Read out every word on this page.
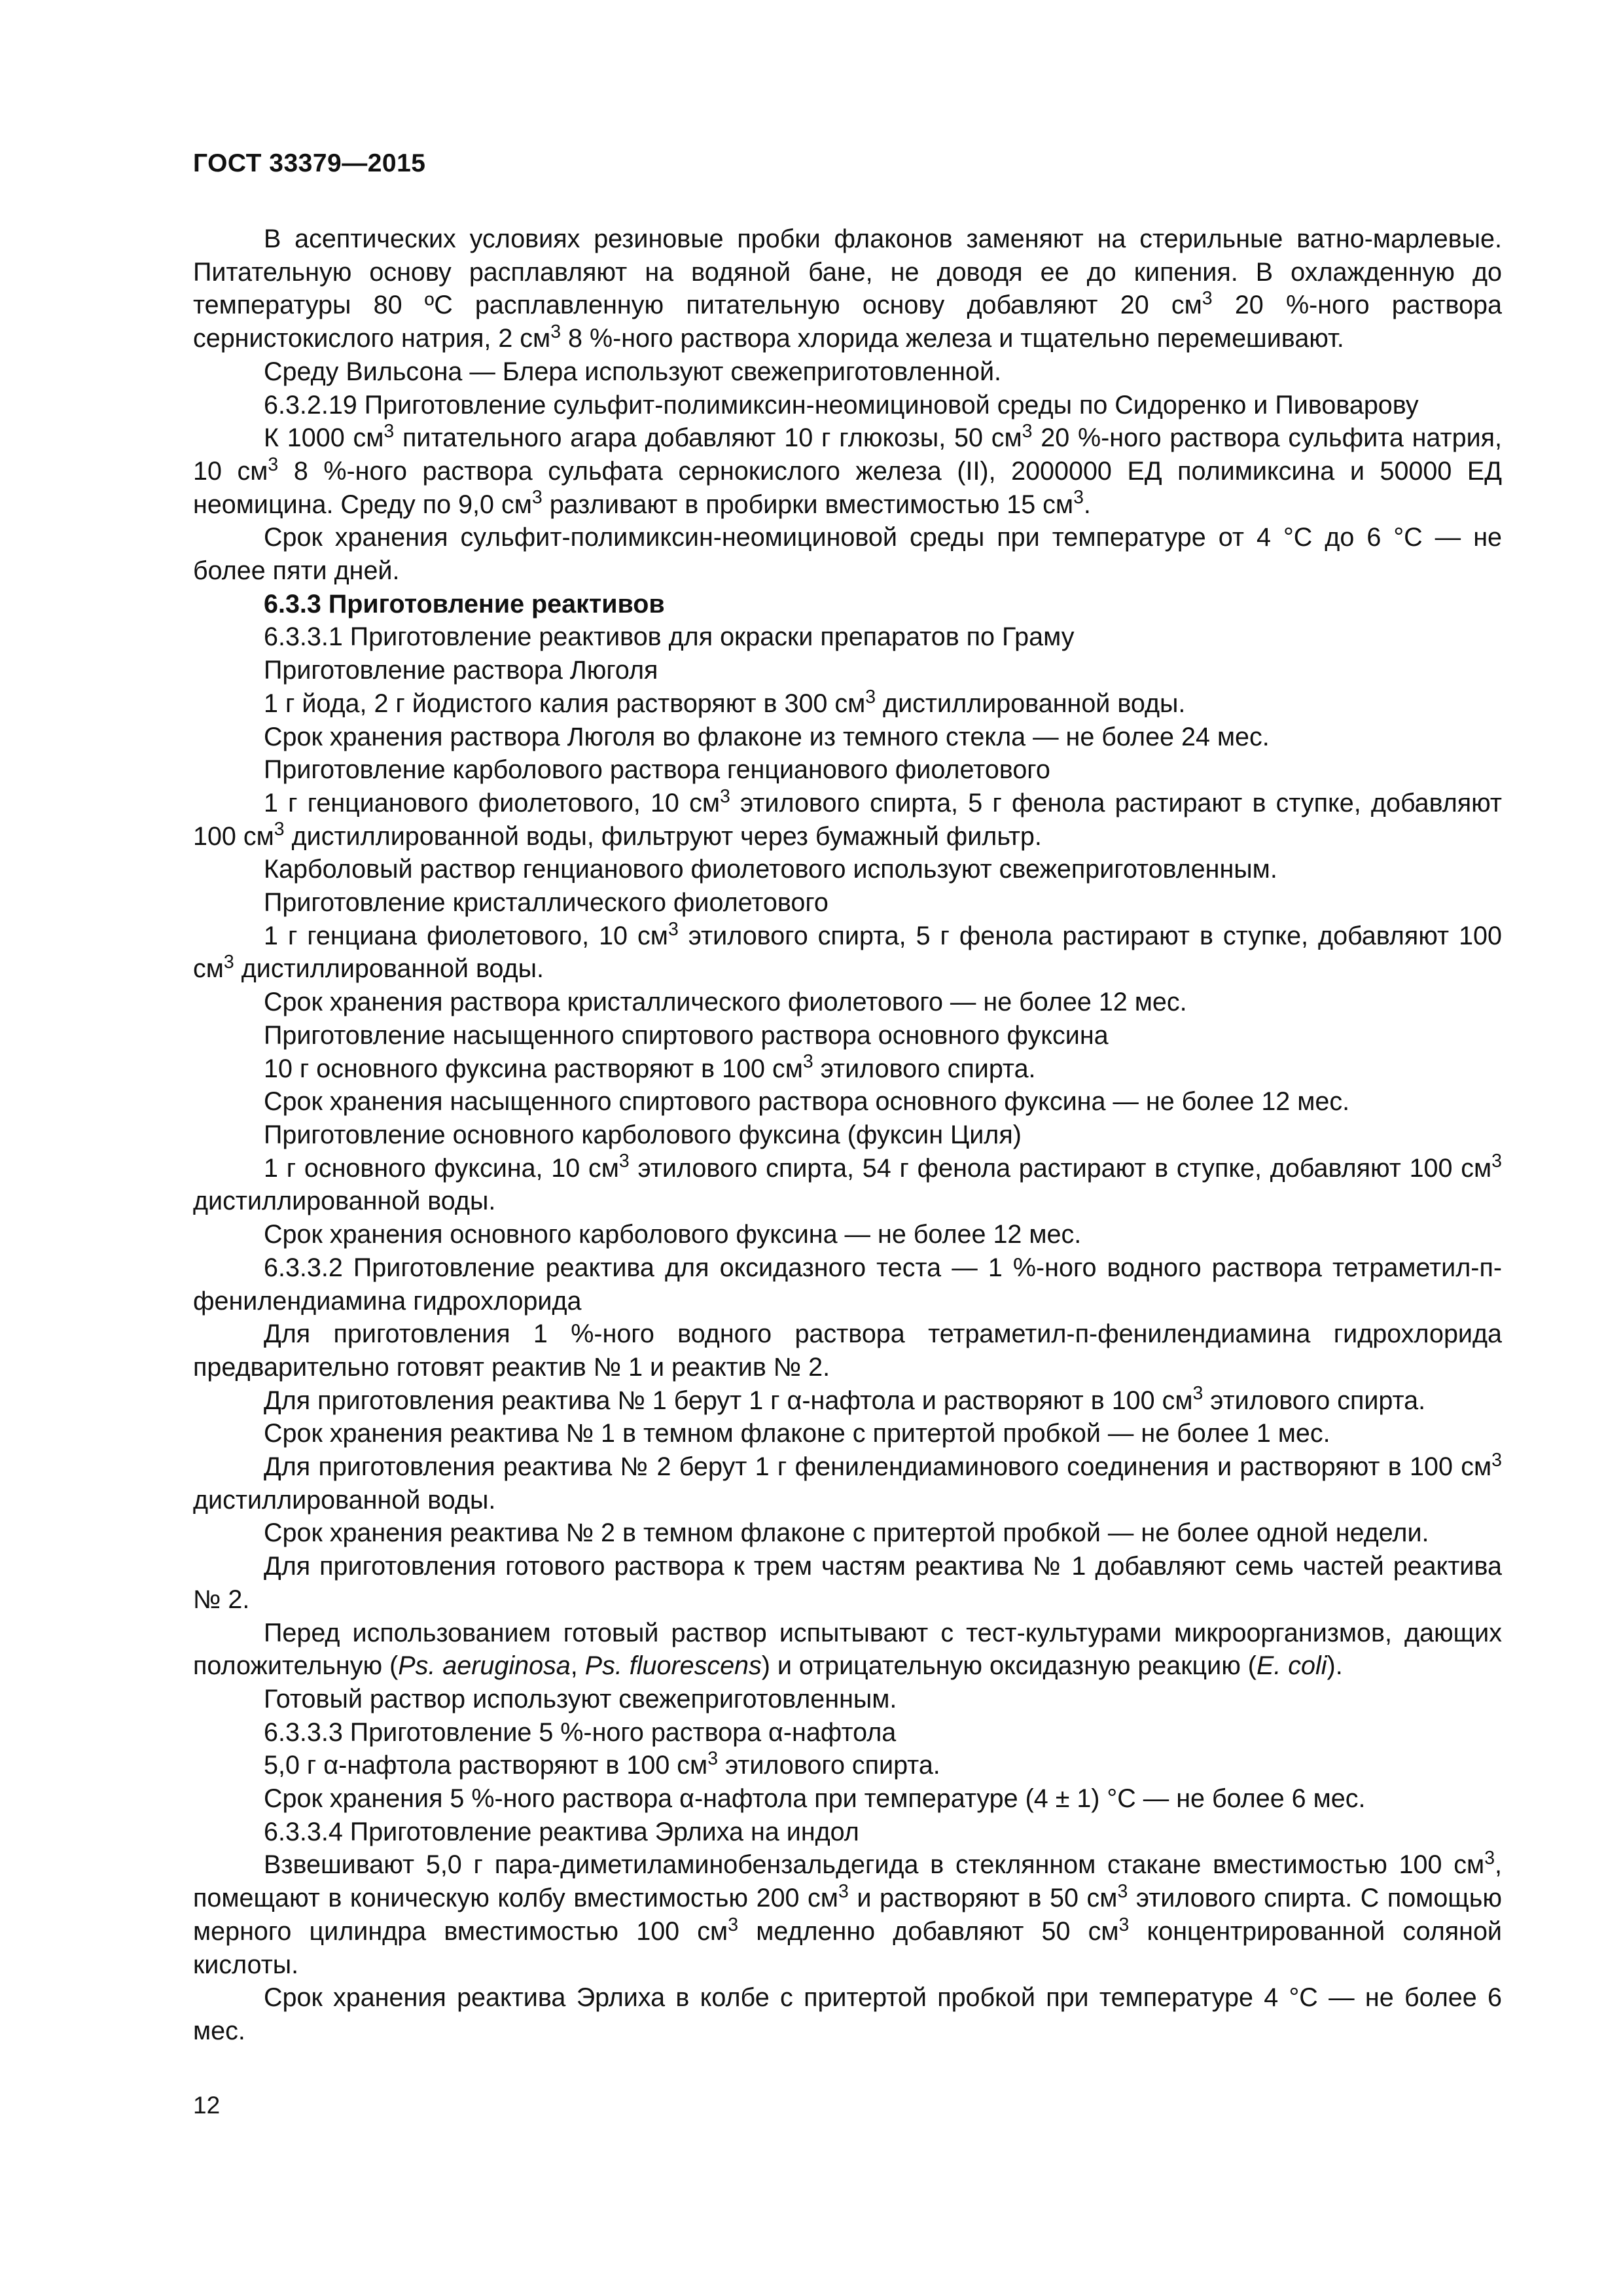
ГОСТ 33379—2015

В асептических условиях резиновые пробки флаконов заменяют на стерильные ватно-марлевые. Питательную основу расплавляют на водяной бане, не доводя ее до кипения. В охлажденную до температуры 80 ºС расплавленную питательную основу добавляют 20 $см^3$ 20 %-ного раствора сернистокислого натрия, 2 $см^3$ 8 %-ного раствора хлорида железа и тщательно перемешивают.

Среду Вильсона — Блера используют свежеприготовленной.

6.3.2.19 Приготовление сульфит-полимиксин-неомициновой среды по Сидоренко и Пивоварову

К 1000 $см^3$ питательного агара добавляют 10 г глюкозы, 50 $см^3$ 20 %-ного раствора сульфита натрия, 10 $см^3$ 8 %-ного раствора сульфата сернокислого железа (II), 2000000 ЕД полимиксина и 50000 ЕД неомицина. Среду по 9,0 $см^3$ разливают в пробирки вместимостью 15 $см^3$.

Срок хранения сульфит-полимиксин-неомициновой среды при температуре от 4 °С до 6 °С — не более пяти дней.

6.3.3 Приготовление реактивов

6.3.3.1 Приготовление реактивов для окраски препаратов по Граму

Приготовление раствора Люголя

1 г йода, 2 г йодистого калия растворяют в 300 $см^3$ дистиллированной воды.

Срок хранения раствора Люголя во флаконе из темного стекла — не более 24 мес.

Приготовление карболового раствора генцианового фиолетового

1 г генцианового фиолетового, 10 $см^3$ этилового спирта, 5 г фенола растирают в ступке, добавляют 100 $см^3$ дистиллированной воды, фильтруют через бумажный фильтр.

Карболовый раствор генцианового фиолетового используют свежеприготовленным.

Приготовление кристаллического фиолетового

1 г генциана фиолетового, 10 $см^3$ этилового спирта, 5 г фенола растирают в ступке, добавляют 100 $см^3$ дистиллированной воды.

Срок хранения раствора кристаллического фиолетового — не более 12 мес.

Приготовление насыщенного спиртового раствора основного фуксина

10 г основного фуксина растворяют в 100 $см^3$ этилового спирта.

Срок хранения насыщенного спиртового раствора основного фуксина — не более 12 мес.

Приготовление основного карболового фуксина (фуксин Циля)

1 г основного фуксина, 10 $см^3$ этилового спирта, 54 г фенола растирают в ступке, добавляют 100 $см^3$ дистиллированной воды.

Срок хранения основного карболового фуксина — не более 12 мес.

6.3.3.2 Приготовление реактива для оксидазного теста — 1 %-ного водного раствора тетраметил-п-фенилендиамина гидрохлорида

Для приготовления 1 %-ного водного раствора тетраметил-п-фенилендиамина гидрохлорида предварительно готовят реактив № 1 и реактив № 2.

Для приготовления реактива № 1 берут 1 г α-нафтола и растворяют в 100 $см^3$ этилового спирта.

Срок хранения реактива № 1 в темном флаконе с притертой пробкой — не более 1 мес.

Для приготовления реактива № 2 берут 1 г фенилендиаминового соединения и растворяют в 100 $см^3$ дистиллированной воды.

Срок хранения реактива № 2 в темном флаконе с притертой пробкой — не более одной недели.

Для приготовления готового раствора к трем частям реактива № 1 добавляют семь частей реактива № 2.

Перед использованием готовый раствор испытывают с тест-культурами микроорганизмов, дающих положительную (Ps. aeruginosa, Ps. fluorescens) и отрицательную оксидазную реакцию (E. coli).

Готовый раствор используют свежеприготовленным.

6.3.3.3 Приготовление 5 %-ного раствора α-нафтола

5,0 г α-нафтола растворяют в 100 $см^3$ этилового спирта.

Срок хранения 5 %-ного раствора α-нафтола при температуре (4 ± 1) °С — не более 6 мес.

6.3.3.4 Приготовление реактива Эрлиха на индол

Взвешивают 5,0 г пара-диметиламинобензальдегида в стеклянном стакане вместимостью 100 $см^3$, помещают в коническую колбу вместимостью 200 $см^3$ и растворяют в 50 $см^3$ этилового спирта. С помощью мерного цилиндра вместимостью 100 $см^3$ медленно добавляют 50 $см^3$ концентрированной соляной кислоты.

Срок хранения реактива Эрлиха в колбе с притертой пробкой при температуре 4 °С — не более 6 мес.

12
